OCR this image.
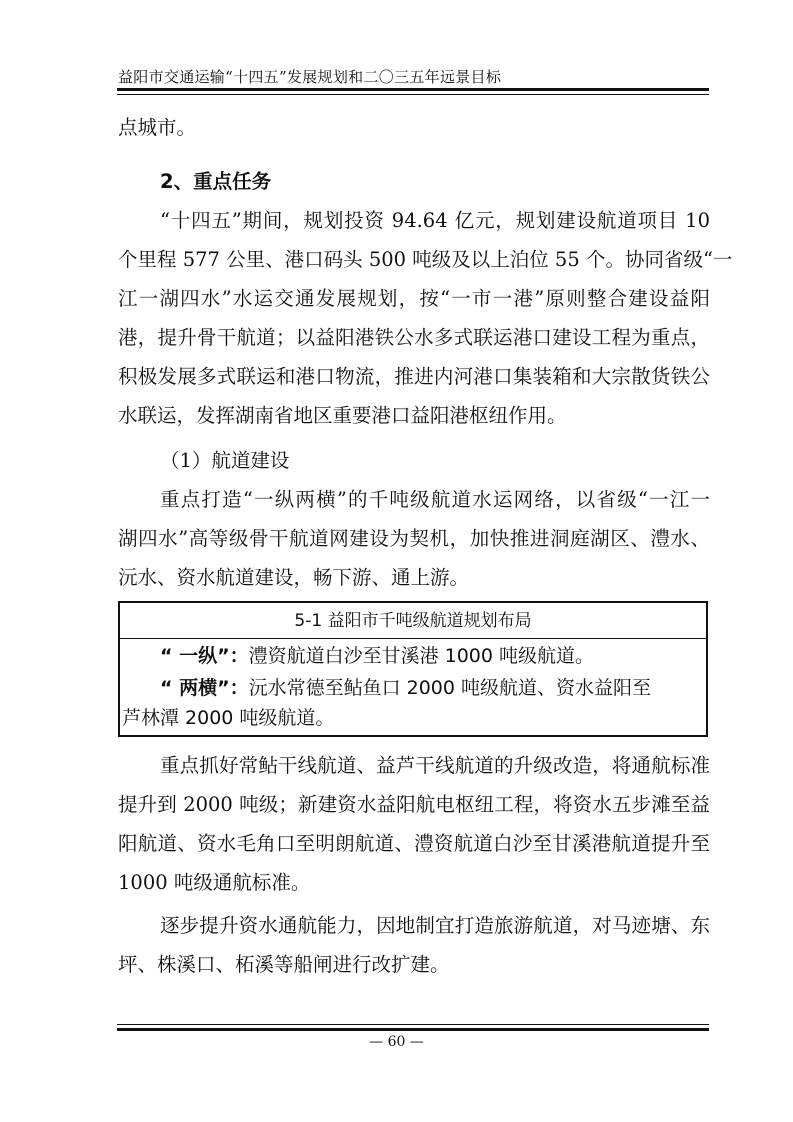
益阳市交通运输“十四五”发展规划和二〇三五年远景目标
点城市。
2、重点任务
“十四五”期间，规划投资 94.64 亿元，规划建设航道项目 10
个里程 577 公里、港口码头 500 吨级及以上泊位 55 个。协同省级“一
江一湖四水”水运交通发展规划，按“一市一港”原则整合建设益阳
港，提升骨干航道；以益阳港铁公水多式联运港口建设工程为重点，
积极发展多式联运和港口物流，推进内河港口集装箱和大宗散货铁公
水联运，发挥湖南省地区重要港口益阳港枢纽作用。
（1）航道建设
重点打造“一纵两横”的千吨级航道水运网络，以省级“一江一
湖四水”高等级骨干航道网建设为契机，加快推进洞庭湖区、澧水、
沅水、资水航道建设，畅下游、通上游。
5-1 益阳市千吨级航道规划布局
“ 一纵”：澧资航道白沙至甘溪港 1000 吨级航道。
“ 两横”：沅水常德至鲇鱼口 2000 吨级航道、资水益阳至
芦林潭 2000 吨级航道。
重点抓好常鲇干线航道、益芦干线航道的升级改造，将通航标准
提升到 2000 吨级；新建资水益阳航电枢纽工程，将资水五步滩至益
阳航道、资水毛角口至明朗航道、澧资航道白沙至甘溪港航道提升至
1000 吨级通航标准。
逐步提升资水通航能力，因地制宜打造旅游航道，对马迹塘、东
坪、株溪口、柘溪等船闸进行改扩建。
— 60 —
